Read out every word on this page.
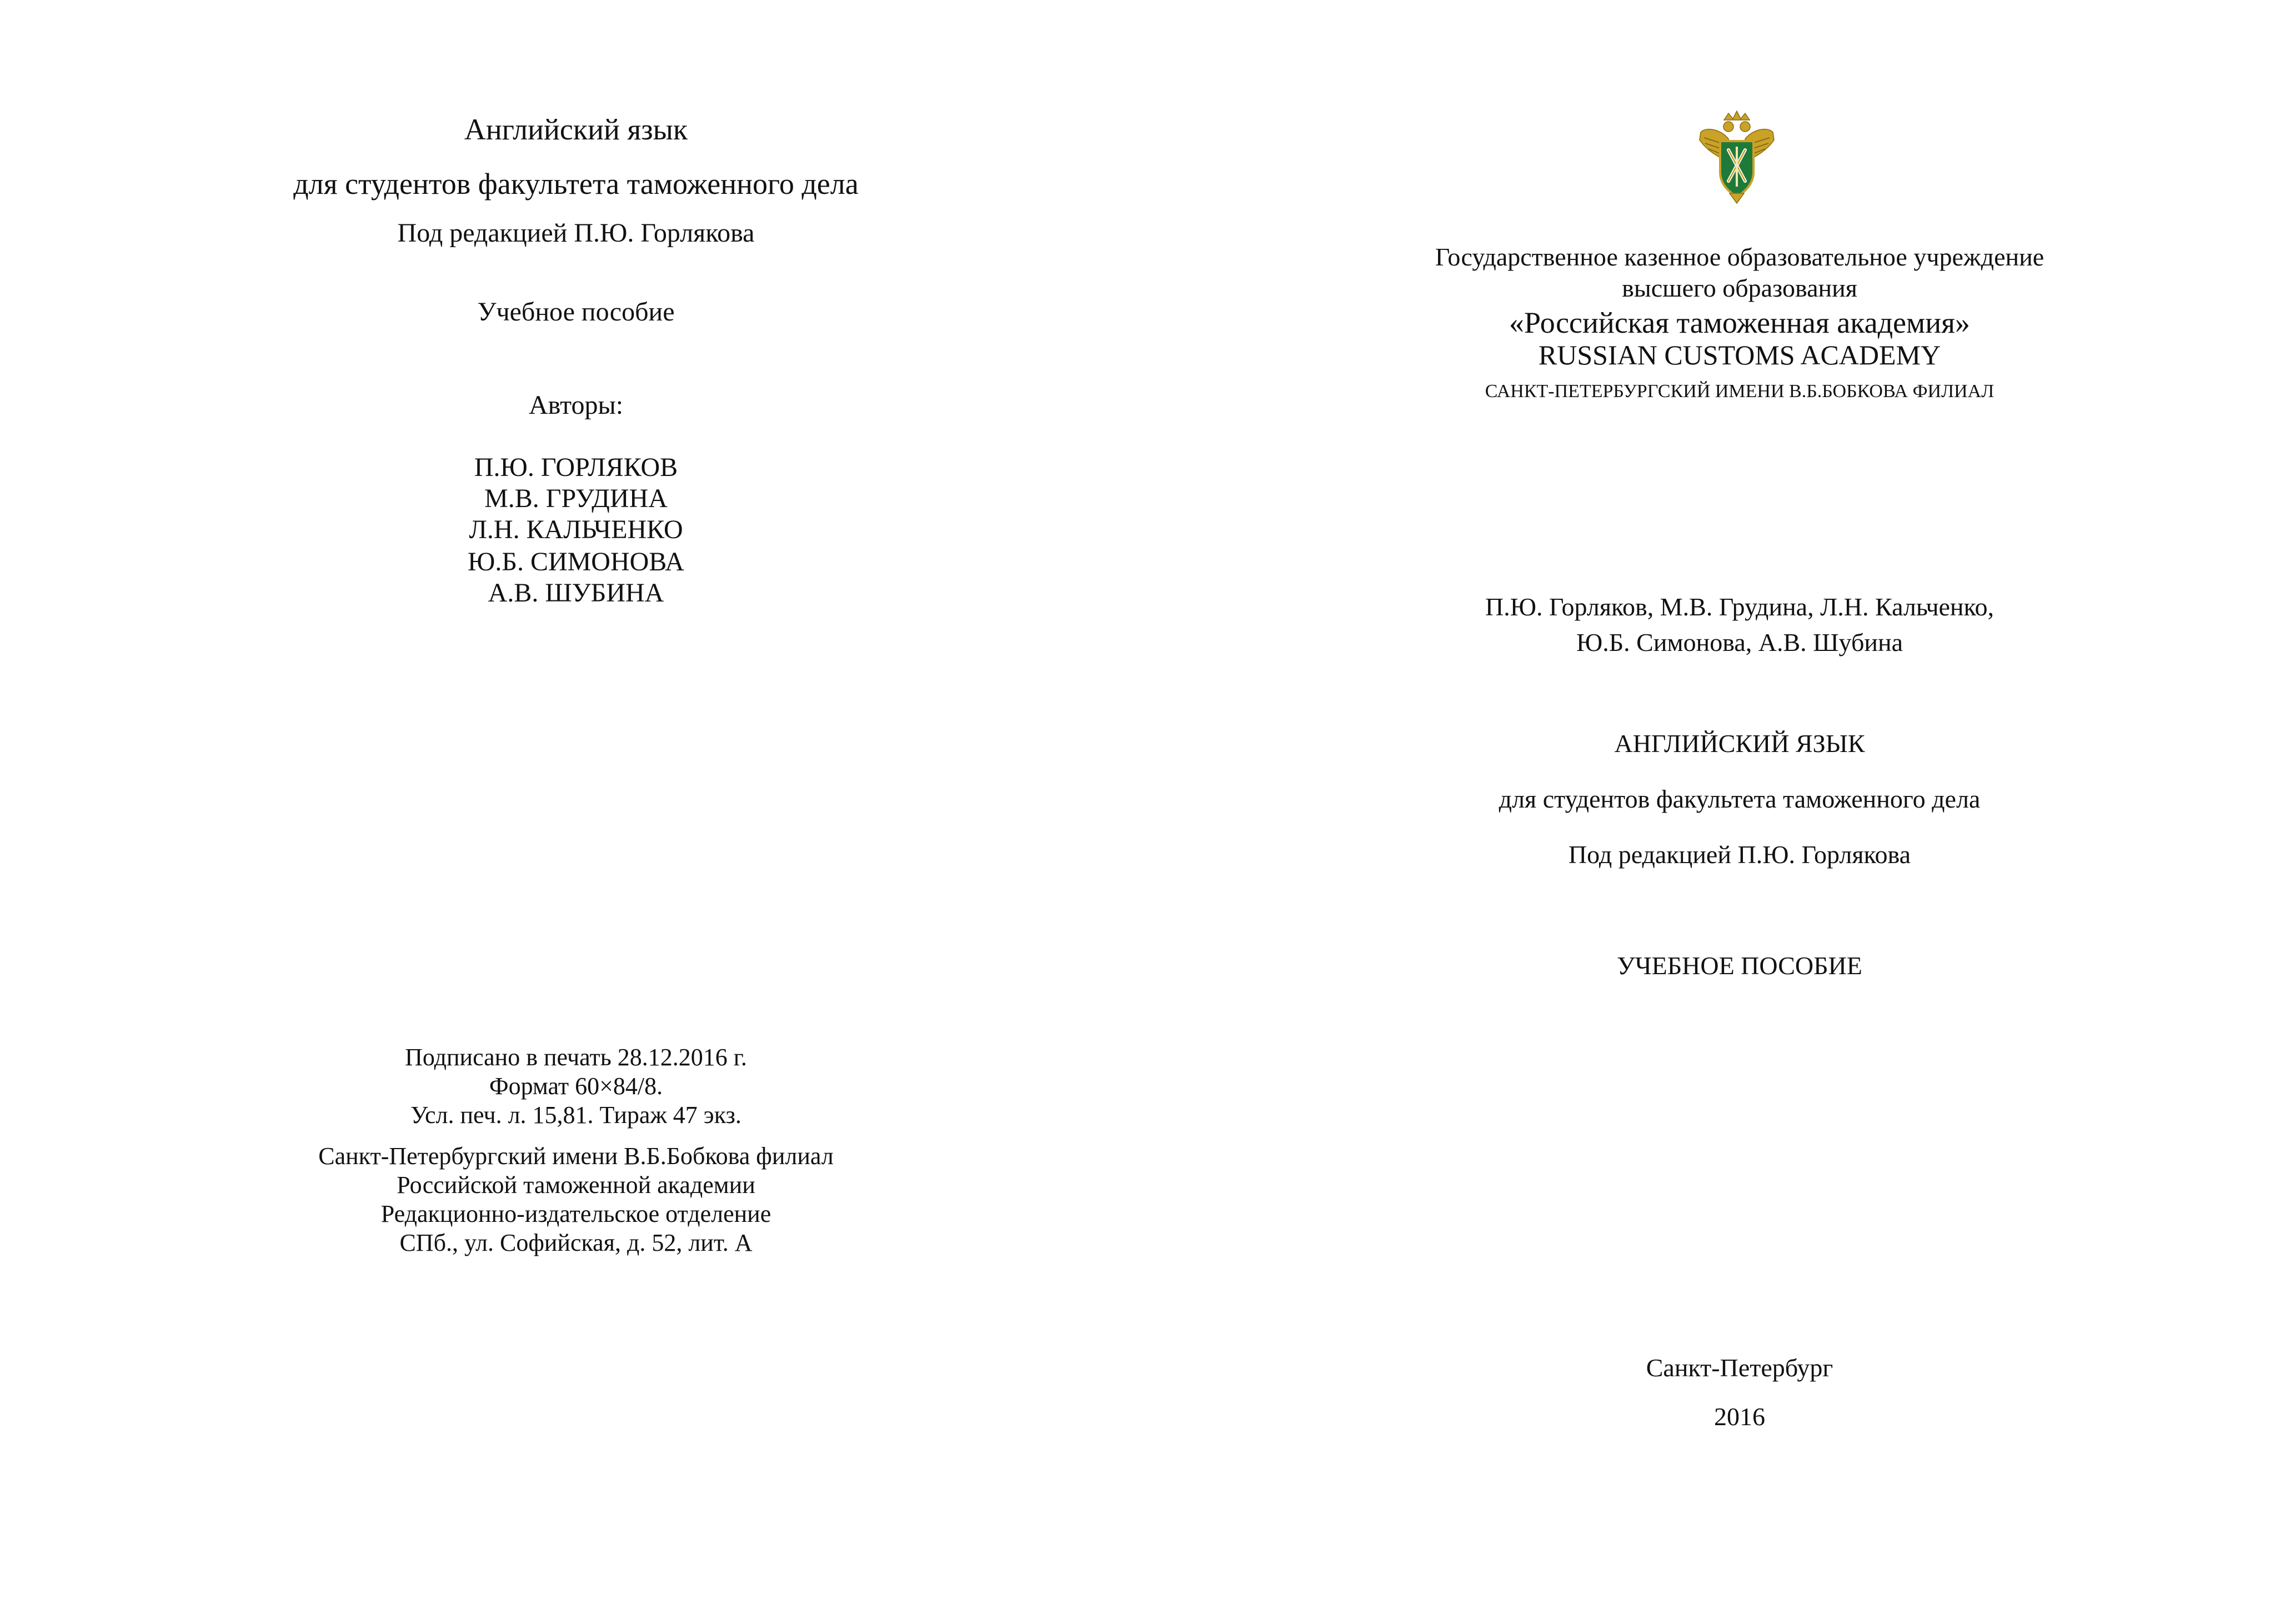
Английский язык
для студентов факультета таможенного дела
Под редакцией П.Ю. Горлякова
Учебное пособие
Авторы:
П.Ю. ГОРЛЯКОВ
М.В. ГРУДИНА
Л.Н. КАЛЬЧЕНКО
Ю.Б. СИМОНОВА
А.В. ШУБИНА
Подписано в печать 28.12.2016 г.
Формат 60×84/8.
Усл. печ. л. 15,81. Тираж 47 экз.
Санкт-Петербургский имени В.Б.Бобкова филиал
Российской таможенной академии
Редакционно-издательское отделение
СПб., ул. Софийская, д. 52, лит. А
Государственное казенное образовательное учреждение
высшего образования
«Российская таможенная академия»
RUSSIAN CUSTOMS ACADEMY
САНКТ-ПЕТЕРБУРГСКИЙ ИМЕНИ В.Б.БОБКОВА ФИЛИАЛ
П.Ю. Горляков, М.В. Грудина, Л.Н. Кальченко,
Ю.Б. Симонова, А.В. Шубина
АНГЛИЙСКИЙ ЯЗЫК
для студентов факультета таможенного дела
Под редакцией П.Ю. Горлякова
УЧЕБНОЕ ПОСОБИЕ
Санкт-Петербург
2016
